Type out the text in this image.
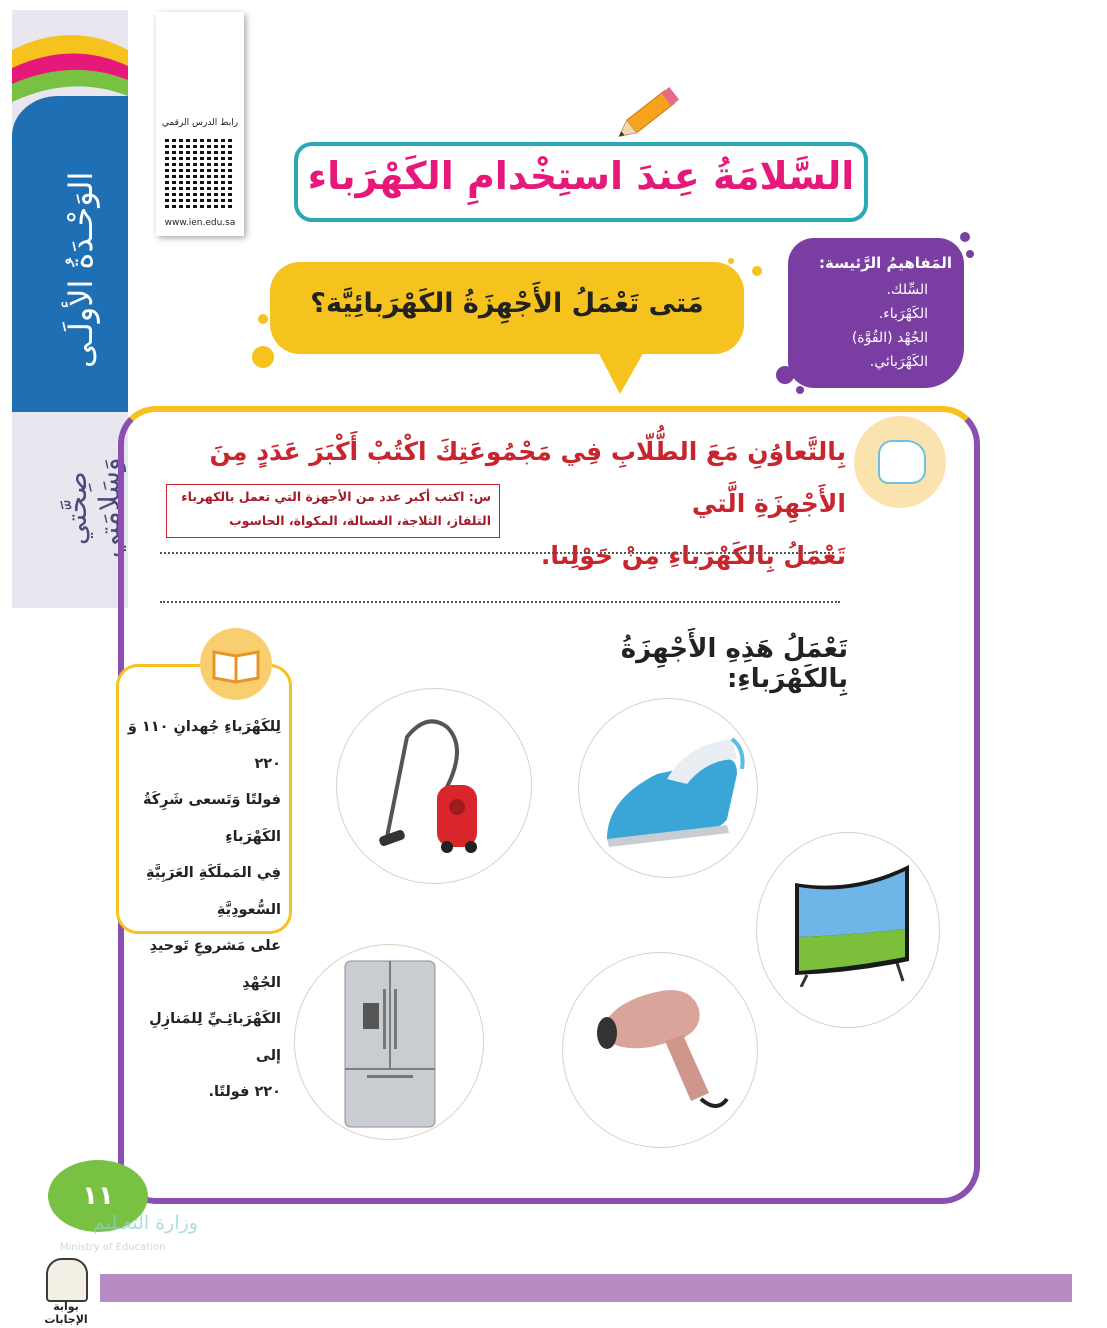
الوَحْـدَةُ الأولَـى
صِحَّتي وَسَلامَتي
رابط الدرس الرقمي
www.ien.edu.sa
السَّلامَةُ عِندَ استِخْدامِ الكَهْرَباء
المَفاهيمُ الرَّئيسة:
السِّلك.
الكَهْرَباء.
الجُهْد (القُوَّة)
الكَهْرَبائي.
مَتى تَعْمَلُ الأَجْهِزَةُ الكَهْرَبائِيَّة؟
بِالتَّعاوُنِ مَعَ الطُّلّابِ فِي مَجْمُوعَتِكَ اكْتُبْ أَكْبَرَ عَدَدٍ مِنَ الأَجْهِزَةِ الَّتي
تَعْمَلُ بِالكَهْرَباءِ مِنْ حَوْلِنا.
س: اكتب أكبر عدد من الأجهزة التي تعمل بالكهرباء
التلفاز، الثلاجة، الغسالة، المكواة، الحاسوب
تَعْمَلُ هَذِهِ الأَجْهِزَةُ بِالكَهْرَباءِ:
لِلكَهْرَباءِ جُهدانِ ١١٠ وَ ٢٢٠
فولتًا وَتَسعى شَرِكَةُ الكَهْرَباءِ
فِي المَملَكَةِ العَرَبِيَّةِ السُّعودِيَّةِ
على مَشروعِ تَوحيدِ الجُهْدِ
الكَهْرَبائِـيِّ لِلمَنازِلِ إلى
٢٢٠ فولتًا.
١١
وزارة التعـليم
Ministry of Education
بوابة الإجابات
